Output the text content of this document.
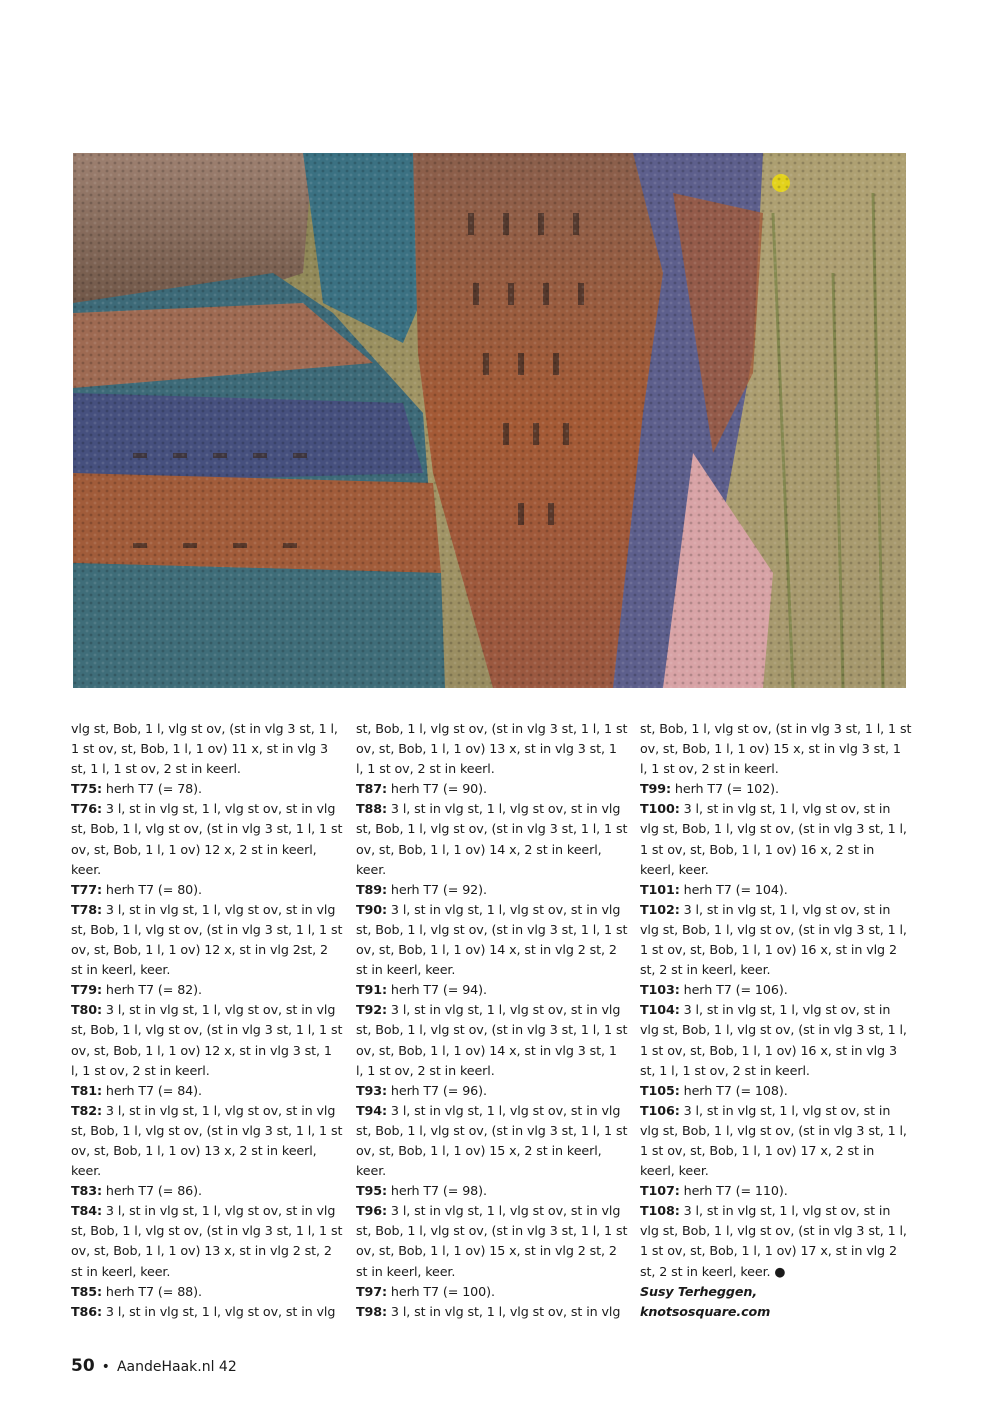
vlg st, Bob, 1 l, vlg st ov, (st in vlg 3 st, 1 l, 1 st ov, st, Bob, 1 l, 1 ov) 11 x, st in vlg 3 st, 1 l, 1 st ov, 2 st in keerl.

T75: herh T7 (= 78).

T76: 3 l, st in vlg st, 1 l, vlg st ov, st in vlg st, Bob, 1 l, vlg st ov, (st in vlg 3 st, 1 l, 1 st ov, st, Bob, 1 l, 1 ov) 12 x, 2 st in keerl, keer.

T77: herh T7 (= 80).

T78: 3 l, st in vlg st, 1 l, vlg st ov, st in vlg st, Bob, 1 l, vlg st ov, (st in vlg 3 st, 1 l, 1 st ov, st, Bob, 1 l, 1 ov) 12 x, st in vlg 2st, 2 st in keerl, keer.

T79: herh T7 (= 82).

T80: 3 l, st in vlg st, 1 l, vlg st ov, st in vlg st, Bob, 1 l, vlg st ov, (st in vlg 3 st, 1 l, 1 st ov, st, Bob, 1 l, 1 ov) 12 x, st in vlg 3 st, 1 l, 1 st ov, 2 st in keerl.

T81: herh T7 (= 84).

T82: 3 l, st in vlg st, 1 l, vlg st ov, st in vlg st, Bob, 1 l, vlg st ov, (st in vlg 3 st, 1 l, 1 st ov, st, Bob, 1 l, 1 ov) 13 x, 2 st in keerl, keer.

T83: herh T7 (= 86).

T84: 3 l, st in vlg st, 1 l, vlg st ov, st in vlg st, Bob, 1 l, vlg st ov, (st in vlg 3 st, 1 l, 1 st ov, st, Bob, 1 l, 1 ov) 13 x, st in vlg 2 st, 2 st in keerl, keer.

T85: herh T7 (= 88).

T86: 3 l, st in vlg st, 1 l, vlg st ov, st in vlg

st, Bob, 1 l, vlg st ov, (st in vlg 3 st, 1 l, 1 st ov, st, Bob, 1 l, 1 ov) 13 x, st in vlg 3 st, 1 l, 1 st ov, 2 st in keerl.

T87: herh T7 (= 90).

T88: 3 l, st in vlg st, 1 l, vlg st ov, st in vlg st, Bob, 1 l, vlg st ov, (st in vlg 3 st, 1 l, 1 st ov, st, Bob, 1 l, 1 ov) 14 x, 2 st in keerl, keer.

T89: herh T7 (= 92).

T90: 3 l, st in vlg st, 1 l, vlg st ov, st in vlg st, Bob, 1 l, vlg st ov, (st in vlg 3 st, 1 l, 1 st ov, st, Bob, 1 l, 1 ov) 14 x, st in vlg 2 st, 2 st in keerl, keer.

T91: herh T7 (= 94).

T92: 3 l, st in vlg st, 1 l, vlg st ov, st in vlg st, Bob, 1 l, vlg st ov, (st in vlg 3 st, 1 l, 1 st ov, st, Bob, 1 l, 1 ov) 14 x, st in vlg 3 st, 1 l, 1 st ov, 2 st in keerl.

T93: herh T7 (= 96).

T94: 3 l, st in vlg st, 1 l, vlg st ov, st in vlg st, Bob, 1 l, vlg st ov, (st in vlg 3 st, 1 l, 1 st ov, st, Bob, 1 l, 1 ov) 15 x, 2 st in keerl, keer.

T95: herh T7 (= 98).

T96: 3 l, st in vlg st, 1 l, vlg st ov, st in vlg st, Bob, 1 l, vlg st ov, (st in vlg 3 st, 1 l, 1 st ov, st, Bob, 1 l, 1 ov) 15 x, st in vlg 2 st, 2 st in keerl, keer.

T97: herh T7 (= 100).

T98: 3 l, st in vlg st, 1 l, vlg st ov, st in vlg

st, Bob, 1 l, vlg st ov, (st in vlg 3 st, 1 l, 1 st ov, st, Bob, 1 l, 1 ov) 15 x, st in vlg 3 st, 1 l, 1 st ov, 2 st in keerl.

T99: herh T7 (= 102).

T100: 3 l, st in vlg st, 1 l, vlg st ov, st in vlg st, Bob, 1 l, vlg st ov, (st in vlg 3 st, 1 l, 1 st ov, st, Bob, 1 l, 1 ov) 16 x, 2 st in keerl, keer.

T101: herh T7 (= 104).

T102: 3 l, st in vlg st, 1 l, vlg st ov, st in vlg st, Bob, 1 l, vlg st ov, (st in vlg 3 st, 1 l, 1 st ov, st, Bob, 1 l, 1 ov) 16 x, st in vlg 2 st, 2 st in keerl, keer.

T103: herh T7 (= 106).

T104: 3 l, st in vlg st, 1 l, vlg st ov, st in vlg st, Bob, 1 l, vlg st ov, (st in vlg 3 st, 1 l, 1 st ov, st, Bob, 1 l, 1 ov) 16 x, st in vlg 3 st, 1 l, 1 st ov, 2 st in keerl.

T105: herh T7 (= 108).

T106: 3 l, st in vlg st, 1 l, vlg st ov, st in vlg st, Bob, 1 l, vlg st ov, (st in vlg 3 st, 1 l, 1 st ov, st, Bob, 1 l, 1 ov) 17 x, 2 st in keerl, keer.

T107: herh T7 (= 110).

T108: 3 l, st in vlg st, 1 l, vlg st ov, st in vlg st, Bob, 1 l, vlg st ov, (st in vlg 3 st, 1 l, 1 st ov, st, Bob, 1 l, 1 ov) 17 x, st in vlg 2 st, 2 st in keerl, keer. ●

Susy Terheggen,

knotsosquare.com

50 • AandeHaak.nl 42
